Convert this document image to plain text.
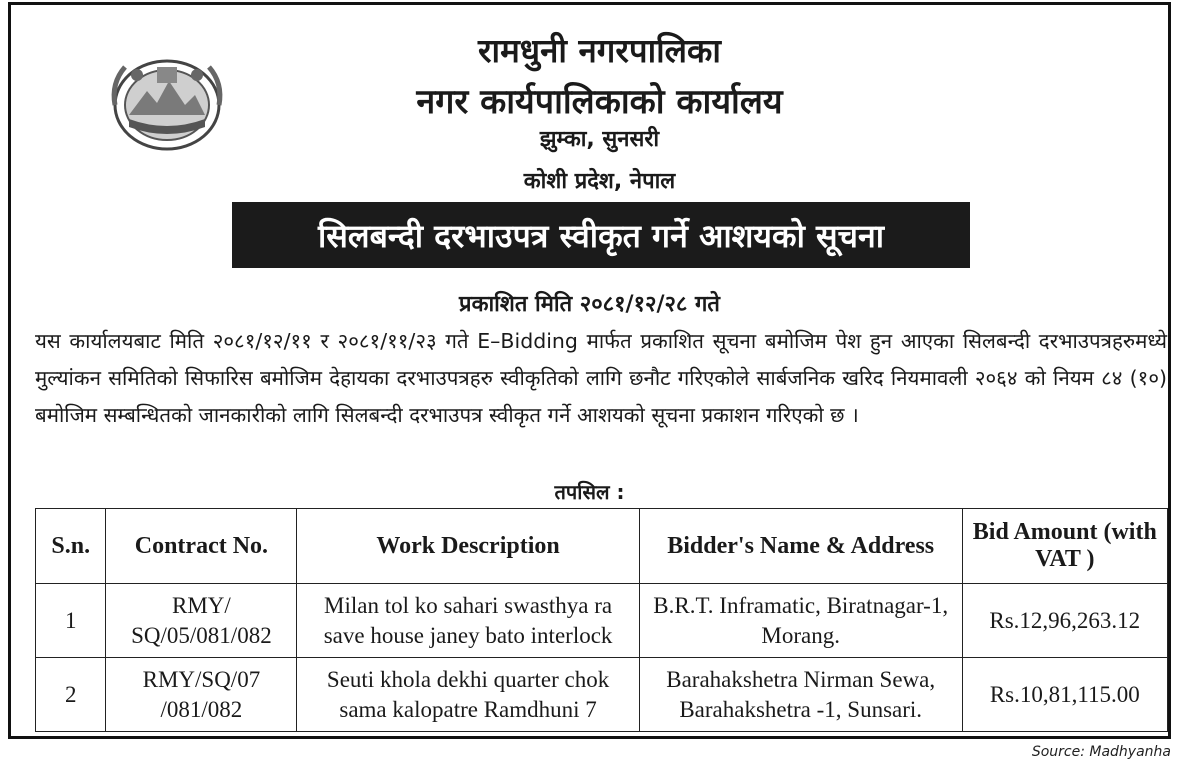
रामधुनी नगरपालिका
नगर कार्यपालिकाको कार्यालय
झुम्का, सुनसरी
कोशी प्रदेश, नेपाल
सिलबन्दी दरभाउपत्र स्वीकृत गर्ने आशयको सूचना
प्रकाशित मिति २०८१/१२/२८ गते
यस कार्यालयबाट मिति २०८१/१२/११ र २०८१/११/२३ गते E–Bidding मार्फत प्रकाशित सूचना बमोजिम पेश हुन आएका सिलबन्दी दरभाउपत्रहरुमध्ये मुल्यांकन समितिको सिफारिस बमोजिम देहायका दरभाउपत्रहरु स्वीकृतिको लागि छनौट गरिएकोले सार्बजनिक खरिद नियमावली २०६४ को नियम ८४ (१०) बमोजिम सम्बन्धितको जानकारीको लागि सिलबन्दी दरभाउपत्र स्वीकृत गर्ने आशयको सूचना प्रकाशन गरिएको छ ।
तपसिल :
S.n.	Contract No.	Work Description	Bidder's Name & Address	Bid Amount (with VAT )
1	RMY/ SQ/05/081/082	Milan tol ko sahari swasthya ra save house janey bato interlock	B.R.T. Inframatic, Biratnagar-1, Morang.	Rs.12,96,263.12
2	RMY/SQ/07 /081/082	Seuti khola dekhi quarter chok sama kalopatre Ramdhuni 7	Barahakshetra Nirman Sewa, Barahakshetra -1, Sunsari.	Rs.10,81,115.00
Source: Madhyanha
